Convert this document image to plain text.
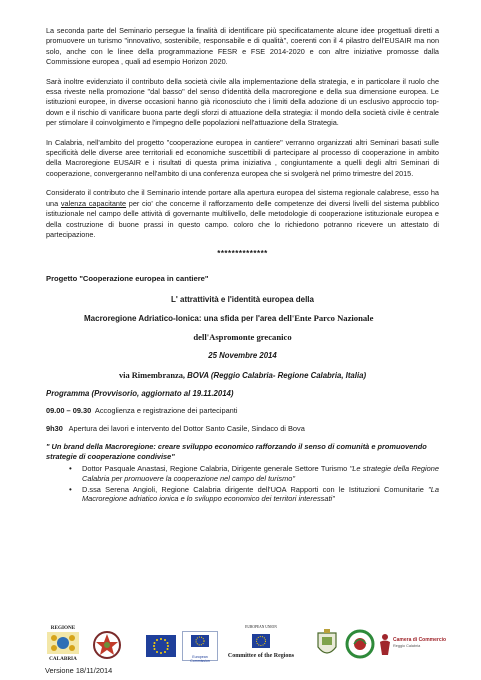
La seconda parte del Seminario persegue la finalità di identificare più specificatamente alcune idee progettuali diretti a promuovere un turismo "innovativo, sostenibile, responsabile e di qualità", coerenti con il 4 pilastro dell'EUSAIR ma non solo, anche con le linee della programmazione FESR e FSE 2014-2020 e con altre iniziative promosse dalla Commissione europea , quali ad esempio Horizon 2020.

Sarà inoltre evidenziato il contributo della società civile alla implementazione della strategia, e in particolare il ruolo che essa riveste nella promozione "dal basso" del senso d'identità della macroregione e della sua dimensione europea. Le istituzioni europee, in diverse occasioni hanno già riconosciuto che i limiti della adozione di un esclusivo approccio top-down e il rischio di vanificare buona parte degli sforzi di attuazione della strategia: il mondo della società civile è centrale per stimolare il coinvolgimento e l'impegno delle popolazioni nell'attuazione della Strategia.

In Calabria, nell'ambito del progetto "cooperazione europea in cantiere" verranno organizzati altri Seminari basati sulle specificità delle diverse aree territoriali ed economiche suscettibili di partecipare al processo di cooperazione in ambito della Macroregione EUSAIR e i risultati di questa prima iniziativa , congiuntamente a quelli degli altri Seminari di cooperazione, convergeranno nell'ambito di una conferenza europea che si svolgerà nel primo trimestre del 2015.

Considerato il contributo che il Seminario intende portare alla apertura europea del sistema regionale calabrese, esso ha una valenza capacitante per cio' che concerne il rafforzamento delle competenze dei diversi livelli del sistema pubblico istituzionale nel campo delle attività di governante multilivello, delle metodologie di cooperazione istituzionale europea e della costruzione di buone prassi in questo campo. coloro che lo richiedono potranno ricevere un attestato di partecipazione.

**************
Progetto "Cooperazione europea in cantiere"

L' attrattività e l'identità europea della

Macroregione Adriatico-Ionica: una sfida per l'area dell'Ente Parco Nazionale

dell'Aspromonte grecanico

25 Novembre 2014

via Rimembranza, BOVA (Reggio Calabria- Regione Calabria, Italia)

Programma (Provvisorio, aggiornato al 19.11.2014)

09.00 – 09.30 Accoglienza e registrazione dei partecipanti

9h30 Apertura dei lavori e intervento del Dottor Santo Casile, Sindaco di Bova

" Un brand della Macroregione: creare sviluppo economico rafforzando il senso di comunità e promuovendo strategie di cooperazione condivise"

• Dottor Pasquale Anastasi, Regione Calabria, Dirigente generale Settore Turismo "Le strategie della Regione Calabria per promuovere la cooperazione nel campo del turismo"
• D.ssa Serena Angioli, Regione Calabria dirigente dell'UOA Rapporti con le Istituzioni Comunitarie "La Macroregione adriatico ionica e lo sviluppo economico dei territori interessati"
REGIONE
CALABRIA	European Commission
EUROPEAN UNION
Committee of the Regions
Camera di Commercio
Reggio Calabria
Versione 18/11/2014
